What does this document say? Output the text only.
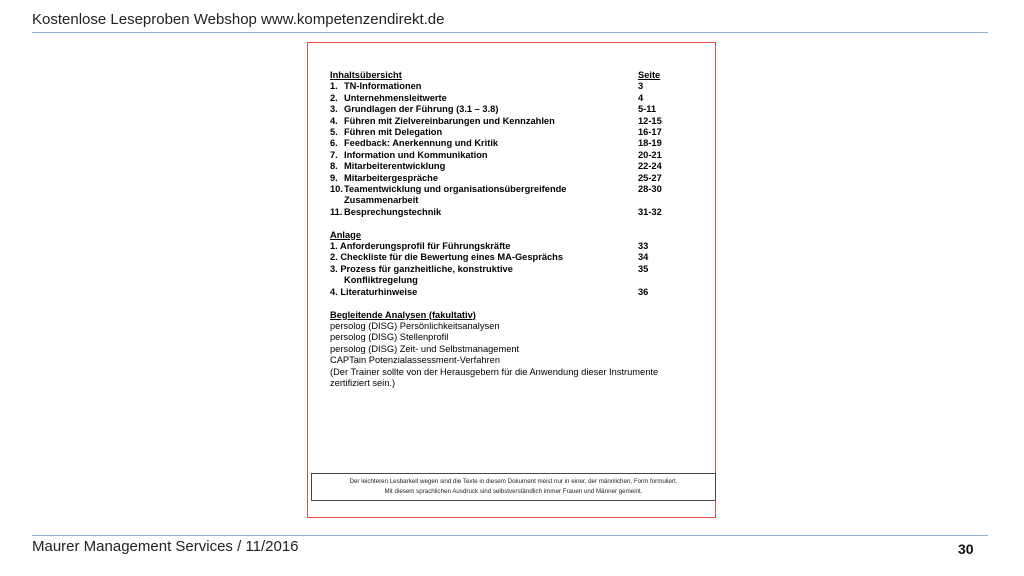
Kostenlose Leseproben Webshop www.kompetenzendirekt.de
Inhaltsübersicht	Seite
1. TN-Informationen	3
2. Unternehmensleitwerte	4
3. Grundlagen der Führung (3.1 – 3.8)	5-11
4. Führen mit Zielvereinbarungen und Kennzahlen	12-15
5. Führen mit Delegation	16-17
6. Feedback: Anerkennung und Kritik	18-19
7. Information und Kommunikation	20-21
8. Mitarbeiterentwicklung	22-24
9. Mitarbeitergespräche	25-27
10. Teamentwicklung und organisationsübergreifende	28-30
Zusammenarbeit
11. Besprechungstechnik	31-32
Anlage
1. Anforderungsprofil für Führungskräfte	33
2. Checkliste für die Bewertung eines MA-Gesprächs	34
3. Prozess für ganzheitliche, konstruktive	35
Konfliktregelung
4. Literaturhinweise	36
Begleitende Analysen (fakultativ)
persolog (DISG) Persönlichkeitsanalysen
persolog (DISG) Stellenprofil
persolog (DISG) Zeit- und Selbstmanagement
CAPTain Potenzialassessment-Verfahren
(Der Trainer sollte von der Herausgebern für die Anwendung dieser Instrumente
zertifiziert sein.)
Der leichteren Lesbarkeit wegen sind die Texte in diesem Dokument meist nur in einer, der männlichen, Form formuliert.
Mit diesem sprachlichen Ausdruck sind selbstverständlich immer Frauen und Männer gemeint.
Maurer Management Services / 11/2016	30
